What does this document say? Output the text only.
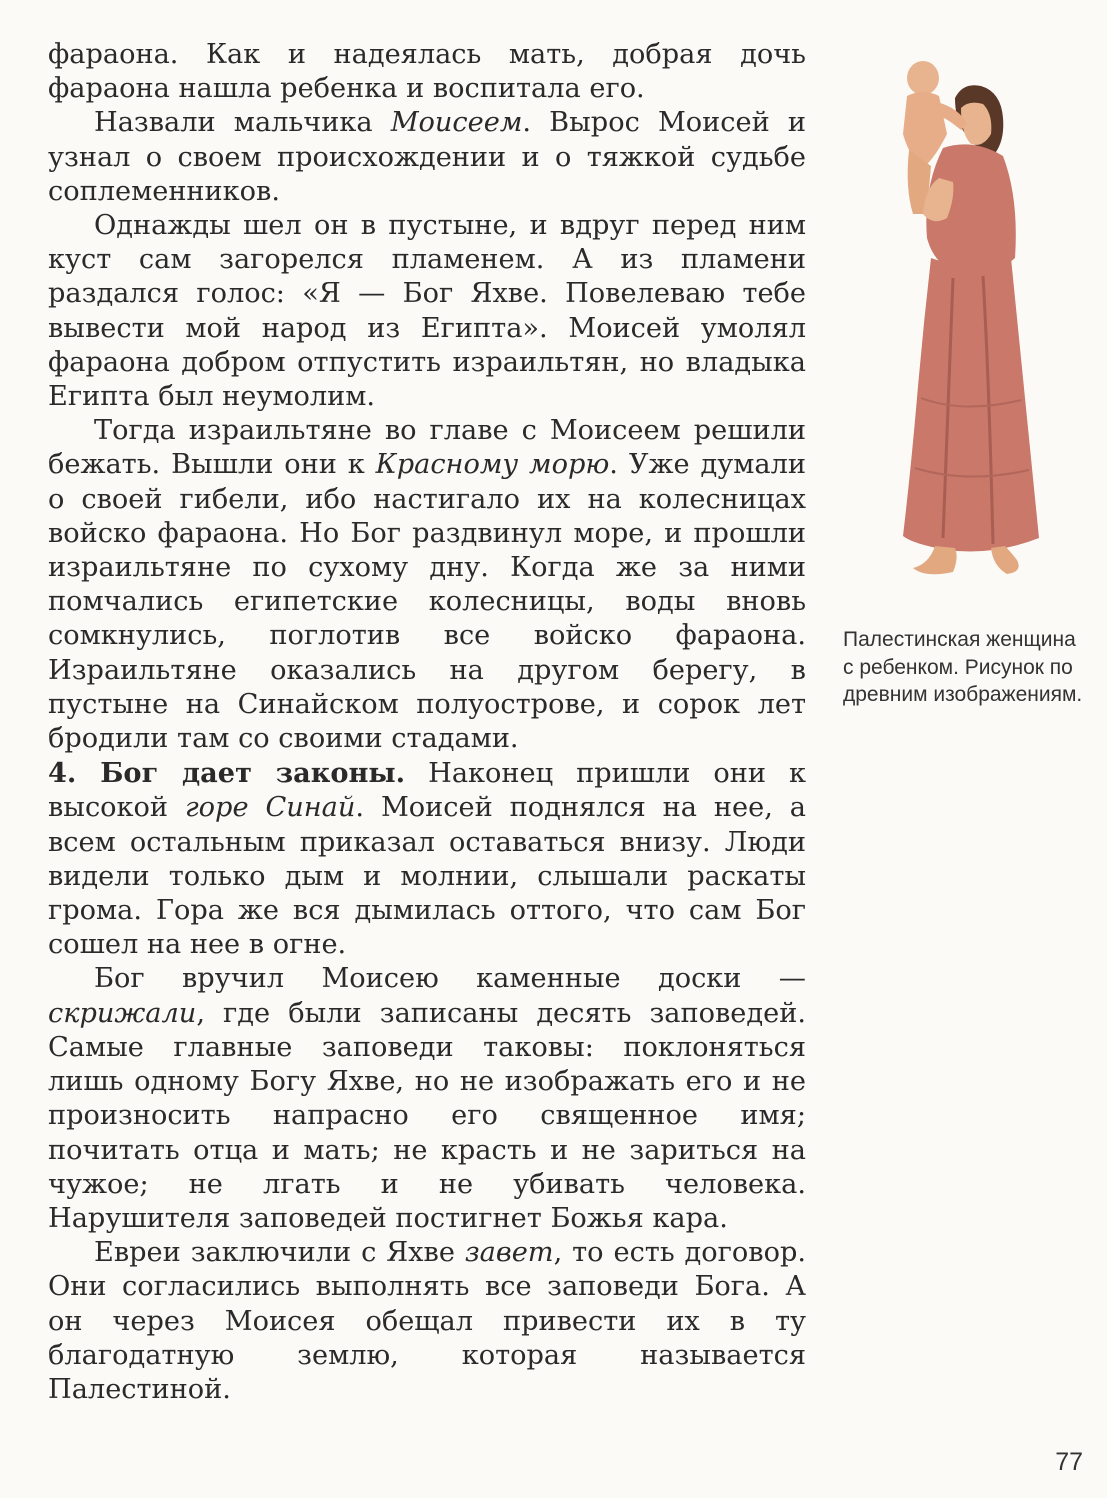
фараона. Как и надеялась мать, добрая дочь фараона нашла ребенка и воспитала его.

Назвали мальчика Моисеем. Вырос Моисей и узнал о своем происхождении и о тяжкой судьбе соплеменников.

Однажды шел он в пустыне, и вдруг перед ним куст сам загорелся пламенем. А из пламени раздался голос: «Я — Бог Яхве. Повелеваю тебе вывести мой народ из Египта». Моисей умолял фараона добром отпустить израильтян, но владыка Египта был неумолим.

Тогда израильтяне во главе с Моисеем решили бежать. Вышли они к Красному морю. Уже думали о своей гибели, ибо настигало их на колесницах войско фараона. Но Бог раздвинул море, и прошли израильтяне по сухому дну. Когда же за ними помчались египетские колесницы, воды вновь сомкнулись, поглотив все войско фараона. Израильтяне оказались на другом берегу, в пустыне на Синайском полуострове, и сорок лет бродили там со своими стадами.

4. Бог дает законы. Наконец пришли они к высокой горе Синай. Моисей поднялся на нее, а всем остальным приказал оставаться внизу. Люди видели только дым и молнии, слышали раскаты грома. Гора же вся дымилась оттого, что сам Бог сошел на нее в огне.

Бог вручил Моисею каменные доски — скрижали, где были записаны десять заповедей. Самые главные заповеди таковы: поклоняться лишь одному Богу Яхве, но не изображать его и не произносить напрасно его священное имя; почитать отца и мать; не красть и не зариться на чужое; не лгать и не убивать человека. Нарушителя заповедей постигнет Божья кара.

Евреи заключили с Яхве завет, то есть договор. Они согласились выполнять все заповеди Бога. А он через Моисея обещал привести их в ту благодатную землю, которая называется Палестиной.

Палестинская женщина с ребенком. Рисунок по древним изображениям.
77
